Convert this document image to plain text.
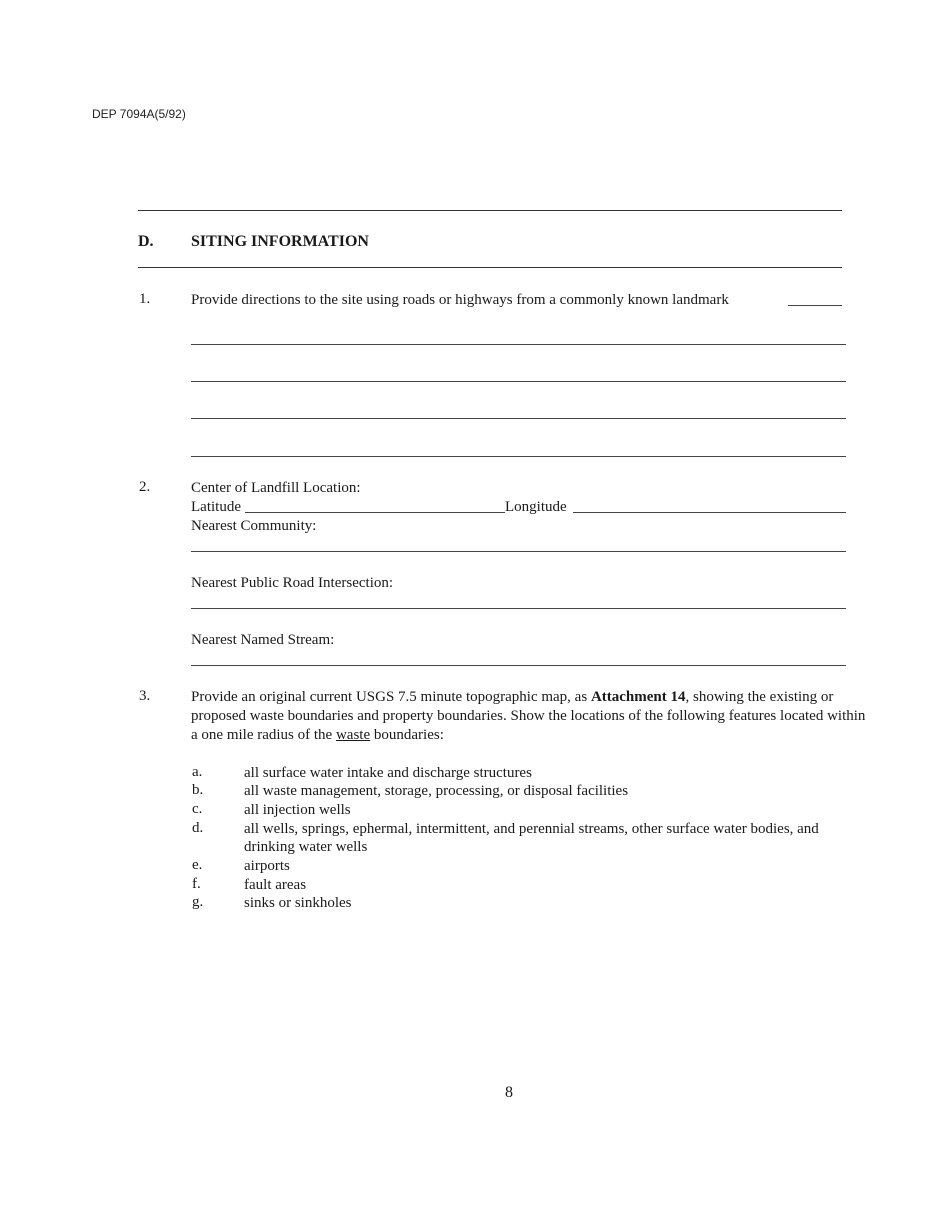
DEP 7094A(5/92)
D. SITING INFORMATION
1.	Provide directions to the site using roads or highways from a commonly known landmark
2.	Center of Landfill Location:
Latitude	Longitude
Nearest Community:
Nearest Public Road Intersection:
Nearest Named Stream:
3.	Provide an original current USGS 7.5 minute topographic map, as Attachment 14, showing the existing or proposed waste boundaries and property boundaries. Show the locations of the following features located within a one mile radius of the waste boundaries:
a.	all surface water intake and discharge structures
b.	all waste management, storage, processing, or disposal facilities
c.	all injection wells
d.	all wells, springs, ephermal, intermittent, and perennial streams, other surface water bodies, and drinking water wells
e.	airports
f.	fault areas
g.	sinks or sinkholes
8
